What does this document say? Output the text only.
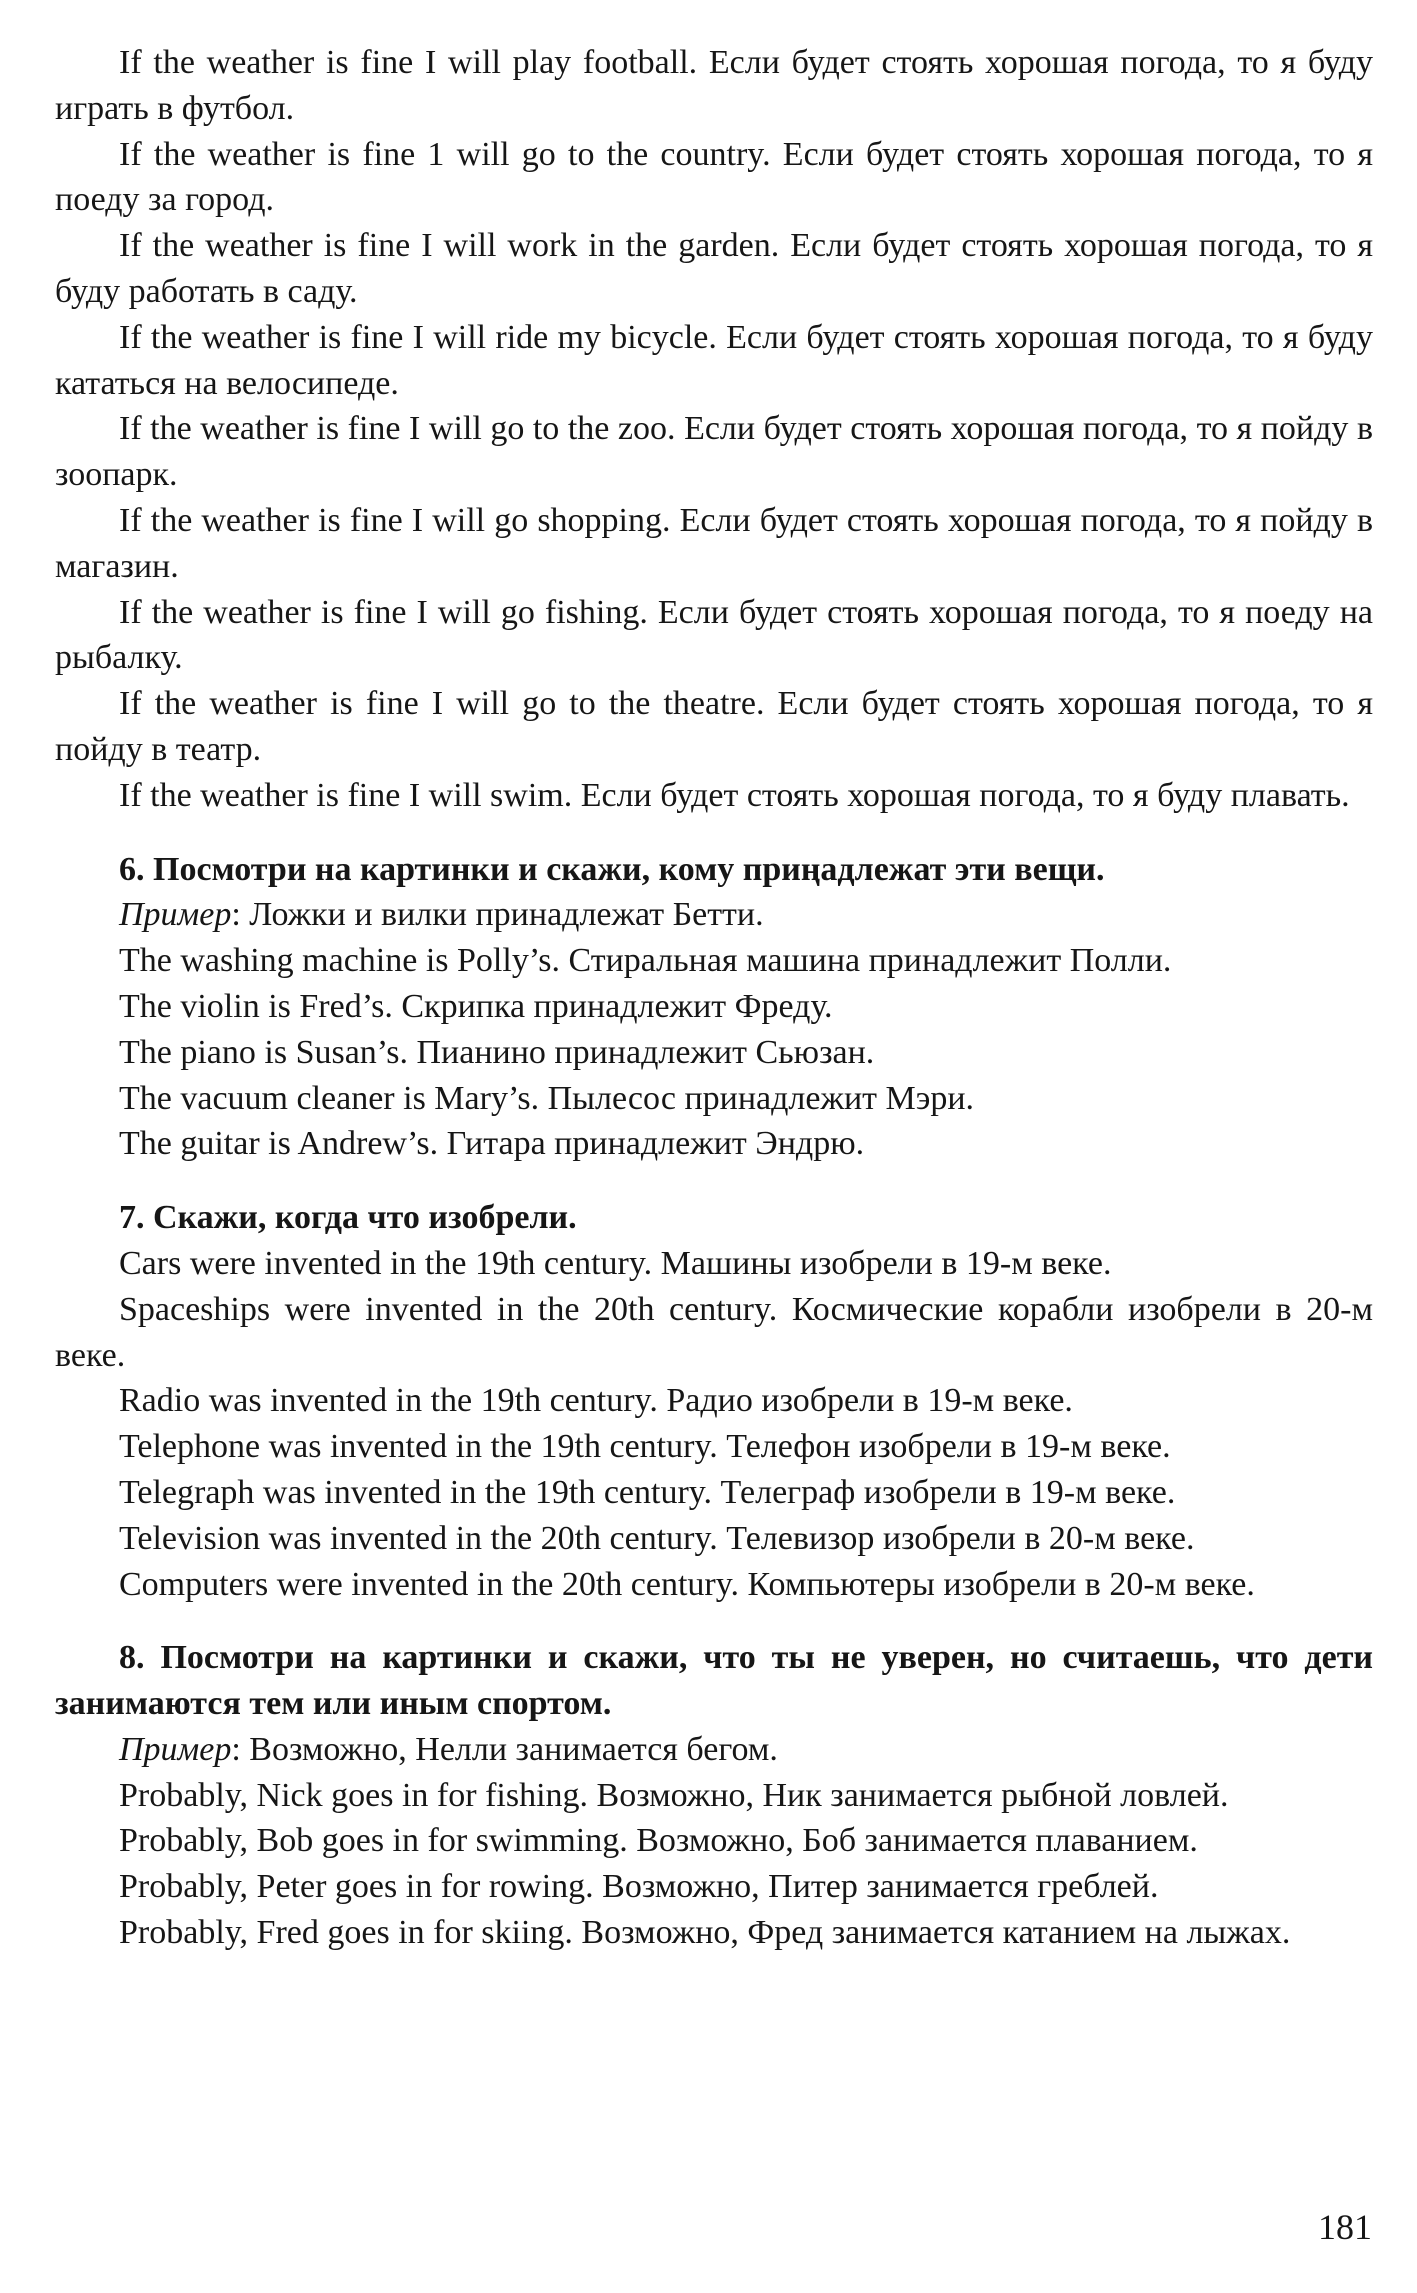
If the weather is fine I will play football. Если будет стоять хорошая погода, то я буду играть в футбол.

If the weather is fine 1 will go to the country. Если будет стоять хорошая погода, то я поеду за город.

If the weather is fine I will work in the garden. Если будет стоять хорошая погода, то я буду работать в саду.

If the weather is fine I will ride my bicycle. Если будет стоять хорошая погода, то я буду кататься на велосипеде.

If the weather is fine I will go to the zoo. Если будет стоять хорошая погода, то я пойду в зоопарк.

If the weather is fine I will go shopping. Если будет стоять хорошая погода, то я пойду в магазин.

If the weather is fine I will go fishing. Если будет стоять хорошая погода, то я поеду на рыбалку.

If the weather is fine I will go to the theatre. Если будет стоять хорошая погода, то я пойду в театр.

If the weather is fine I will swim. Если будет стоять хорошая погода, то я буду плавать.

6. Посмотри на картинки и скажи, кому приңадлежат эти вещи.

Пример: Ложки и вилки принадлежат Бетти.

The washing machine is Polly’s. Стиральная машина принадлежит Полли.

The violin is Fred’s. Скрипка принадлежит Фреду.

The piano is Susan’s. Пианино принадлежит Сьюзан.

The vacuum cleaner is Mary’s. Пылесос принадлежит Мэри.

The guitar is Andrew’s. Гитара принадлежит Эндрю.

7. Скажи, когда что изобрели.

Cars were invented in the 19th century. Машины изобрели в 19-м веке.

Spaceships were invented in the 20th century. Космические корабли изобрели в 20-м веке.

Radio was invented in the 19th century. Радио изобрели в 19-м веке.

Telephone was invented in the 19th century. Телефон изобрели в 19-м веке.

Telegraph was invented in the 19th century. Телеграф изобрели в 19-м веке.

Television was invented in the 20th century. Телевизор изобрели в 20-м веке.

Computers were invented in the 20th century. Компьютеры изобрели в 20-м веке.

8. Посмотри на картинки и скажи, что ты не уверен, но считаешь, что дети занимаются тем или иным спортом.

Пример: Возможно, Нелли занимается бегом.

Probably, Nick goes in for fishing. Возможно, Ник занимается рыбной ловлей.

Probably, Bob goes in for swimming. Возможно, Боб занимается плаванием.

Probably, Peter goes in for rowing. Возможно, Питер занимается греблей.

Probably, Fred goes in for skiing. Возможно, Фред занимается катанием на лыжах.

181
